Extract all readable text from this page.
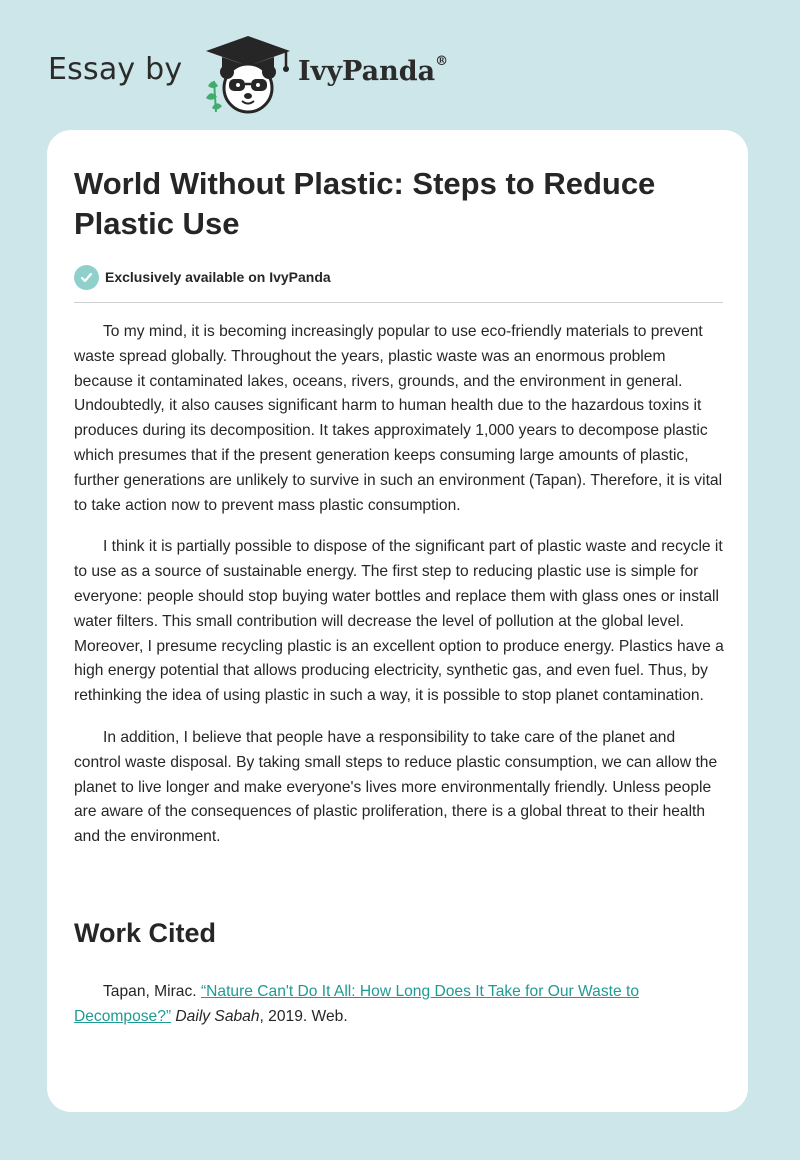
Essay by	IvyPanda®
World Without Plastic: Steps to Reduce Plastic Use
Exclusively available on IvyPanda

To my mind, it is becoming increasingly popular to use eco-friendly materials to prevent waste spread globally. Throughout the years, plastic waste was an enormous problem because it contaminated lakes, oceans, rivers, grounds, and the environment in general. Undoubtedly, it also causes significant harm to human health due to the hazardous toxins it produces during its decomposition. It takes approximately 1,000 years to decompose plastic which presumes that if the present generation keeps consuming large amounts of plastic, further generations are unlikely to survive in such an environment (Tapan). Therefore, it is vital to take action now to prevent mass plastic consumption.

I think it is partially possible to dispose of the significant part of plastic waste and recycle it to use as a source of sustainable energy. The first step to reducing plastic use is simple for everyone: people should stop buying water bottles and replace them with glass ones or install water filters. This small contribution will decrease the level of pollution at the global level. Moreover, I presume recycling plastic is an excellent option to produce energy. Plastics have a high energy potential that allows producing electricity, synthetic gas, and even fuel. Thus, by rethinking the idea of using plastic in such a way, it is possible to stop planet contamination.

In addition, I believe that people have a responsibility to take care of the planet and control waste disposal. By taking small steps to reduce plastic consumption, we can allow the planet to live longer and make everyone's lives more environmentally friendly. Unless people are aware of the consequences of plastic proliferation, there is a global threat to their health and the environment.

Work Cited

Tapan, Mirac. “Nature Can't Do It All: How Long Does It Take for Our Waste to Decompose?” Daily Sabah, 2019. Web.
